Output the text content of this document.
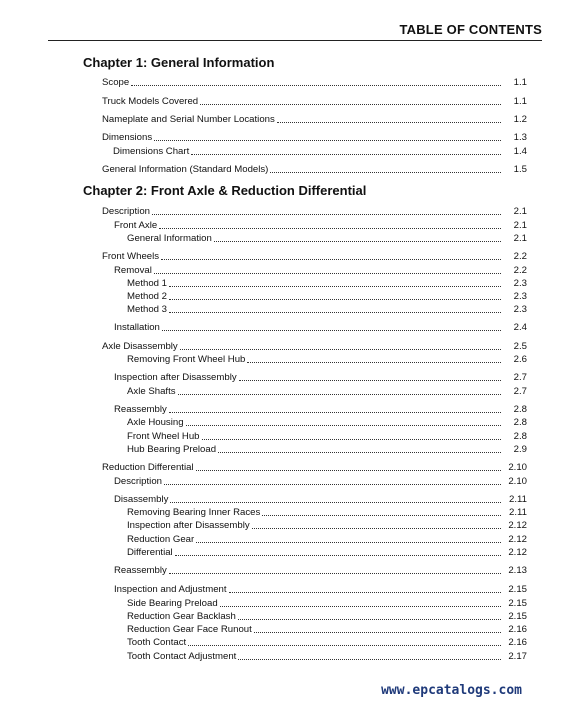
TABLE OF CONTENTS
Chapter 1: General Information
Chapter 2: Front Axle & Reduction Differential
Scope	1.1
Truck Models Covered	1.1
Nameplate and Serial Number Locations	1.2
Dimensions	1.3
Dimensions Chart	1.4
General Information (Standard Models)	1.5
Description	2.1
Front Axle	2.1
General Information	2.1
Front Wheels	2.2
Removal	2.2
Method 1	2.3
Method 2	2.3
Method 3	2.3
Installation	2.4
Axle Disassembly	2.5
Removing Front Wheel Hub	2.6
Inspection after Disassembly	2.7
Axle Shafts	2.7
Reassembly	2.8
Axle Housing	2.8
Front Wheel Hub	2.8
Hub Bearing Preload	2.9
Reduction Differential	2.10
Description	2.10
Disassembly	2.11
Removing Bearing Inner Races	2.11
Inspection after Disassembly	2.12
Reduction Gear	2.12
Differential	2.12
Reassembly	2.13
Inspection and Adjustment	2.15
Side Bearing Preload	2.15
Reduction Gear Backlash	2.15
Reduction Gear Face Runout	2.16
Tooth Contact	2.16
Tooth Contact Adjustment	2.17
www.epcatalogs.com
